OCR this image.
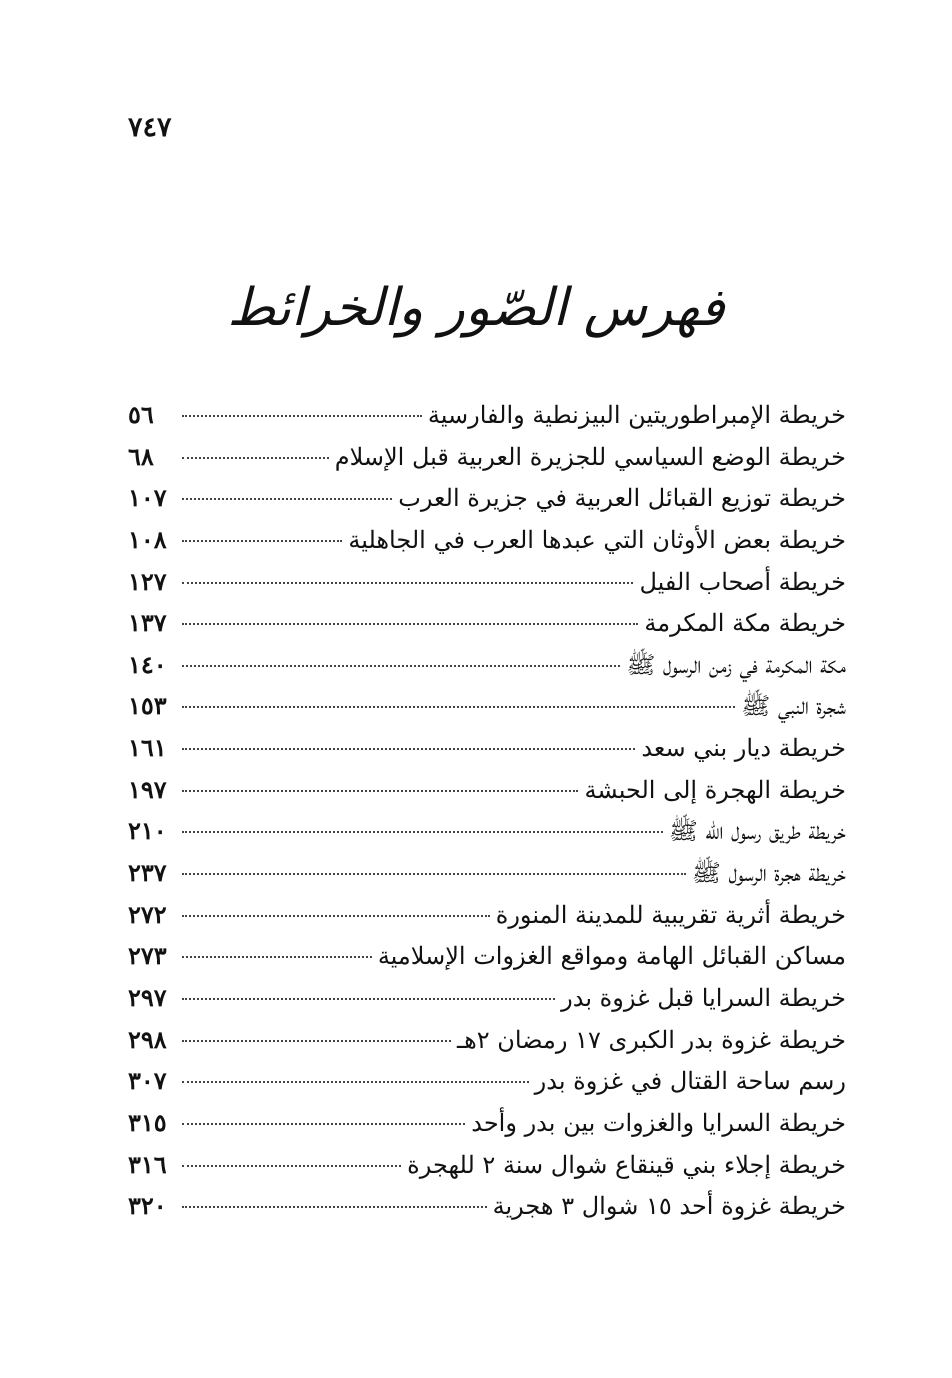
٧٤٧
فهرس الصّور والخرائط
خريطة الإمبراطوريتين البيزنطية والفارسية
٥٦
خريطة الوضع السياسي للجزيرة العربية قبل الإسلام
٦٨
خريطة توزيع القبائل العربية في جزيرة العرب
١٠٧
خريطة بعض الأوثان التي عبدها العرب في الجاهلية
١٠٨
خريطة أصحاب الفيل
١٢٧
خريطة مكة المكرمة
١٣٧
مكة المكرمة في زمن الرسول ﷺ
١٤٠
شجرة النبي ﷺ
١٥٣
خريطة ديار بني سعد
١٦١
خريطة الهجرة إلى الحبشة
١٩٧
خريطة طريق رسول الله ﷺ
٢١٠
خريطة هجرة الرسول ﷺ
٢٣٧
خريطة أثرية تقريبية للمدينة المنورة
٢٧٢
مساكن القبائل الهامة ومواقع الغزوات الإسلامية
٢٧٣
خريطة السرايا قبل غزوة بدر
٢٩٧
خريطة غزوة بدر الكبرى ١٧ رمضان ٢هـ
٢٩٨
رسم ساحة القتال في غزوة بدر
٣٠٧
خريطة السرايا والغزوات بين بدر وأحد
٣١٥
خريطة إجلاء بني قينقاع شوال سنة ٢ للهجرة
٣١٦
خريطة غزوة أحد ١٥ شوال ٣ هجرية
٣٢٠
